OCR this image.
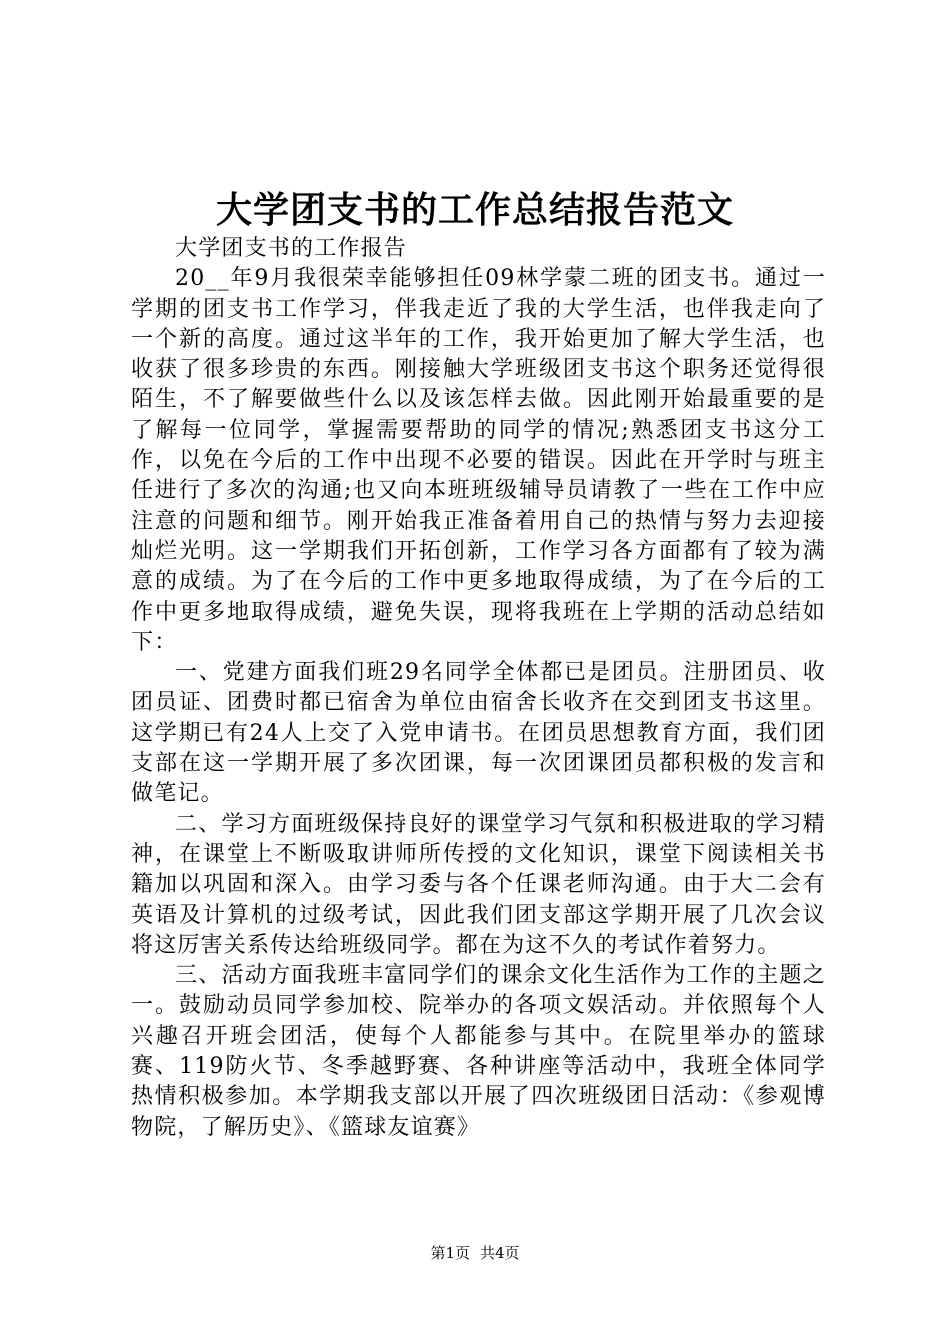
大学团支书的工作总结报告范文

大学团支书的工作报告

20__年9月我很荣幸能够担任09林学蒙二班的团支书。通过一学期的团支书工作学习，伴我走近了我的大学生活，也伴我走向了一个新的高度。通过这半年的工作，我开始更加了解大学生活，也收获了很多珍贵的东西。刚接触大学班级团支书这个职务还觉得很陌生，不了解要做些什么以及该怎样去做。因此刚开始最重要的是了解每一位同学，掌握需要帮助的同学的情况;熟悉团支书这分工作，以免在今后的工作中出现不必要的错误。因此在开学时与班主任进行了多次的沟通;也又向本班班级辅导员请教了一些在工作中应注意的问题和细节。刚开始我正准备着用自己的热情与努力去迎接灿烂光明。这一学期我们开拓创新，工作学习各方面都有了较为满意的成绩。为了在今后的工作中更多地取得成绩，为了在今后的工作中更多地取得成绩，避免失误，现将我班在上学期的活动总结如下：

一、党建方面我们班29名同学全体都已是团员。注册团员、收团员证、团费时都已宿舍为单位由宿舍长收齐在交到团支书这里。这学期已有24人上交了入党申请书。在团员思想教育方面，我们团支部在这一学期开展了多次团课，每一次团课团员都积极的发言和做笔记。

二、学习方面班级保持良好的课堂学习气氛和积极进取的学习精神，在课堂上不断吸取讲师所传授的文化知识，课堂下阅读相关书籍加以巩固和深入。由学习委与各个任课老师沟通。由于大二会有英语及计算机的过级考试，因此我们团支部这学期开展了几次会议将这厉害关系传达给班级同学。都在为这不久的考试作着努力。

三、活动方面我班丰富同学们的课余文化生活作为工作的主题之一。鼓励动员同学参加校、院举办的各项文娱活动。并依照每个人兴趣召开班会团活，使每个人都能参与其中。在院里举办的篮球赛、119防火节、冬季越野赛、各种讲座等活动中，我班全体同学热情积极参加。本学期我支部以开展了四次班级团日活动：《参观博物院，了解历史》、《篮球友谊赛》

第1页 共4页
